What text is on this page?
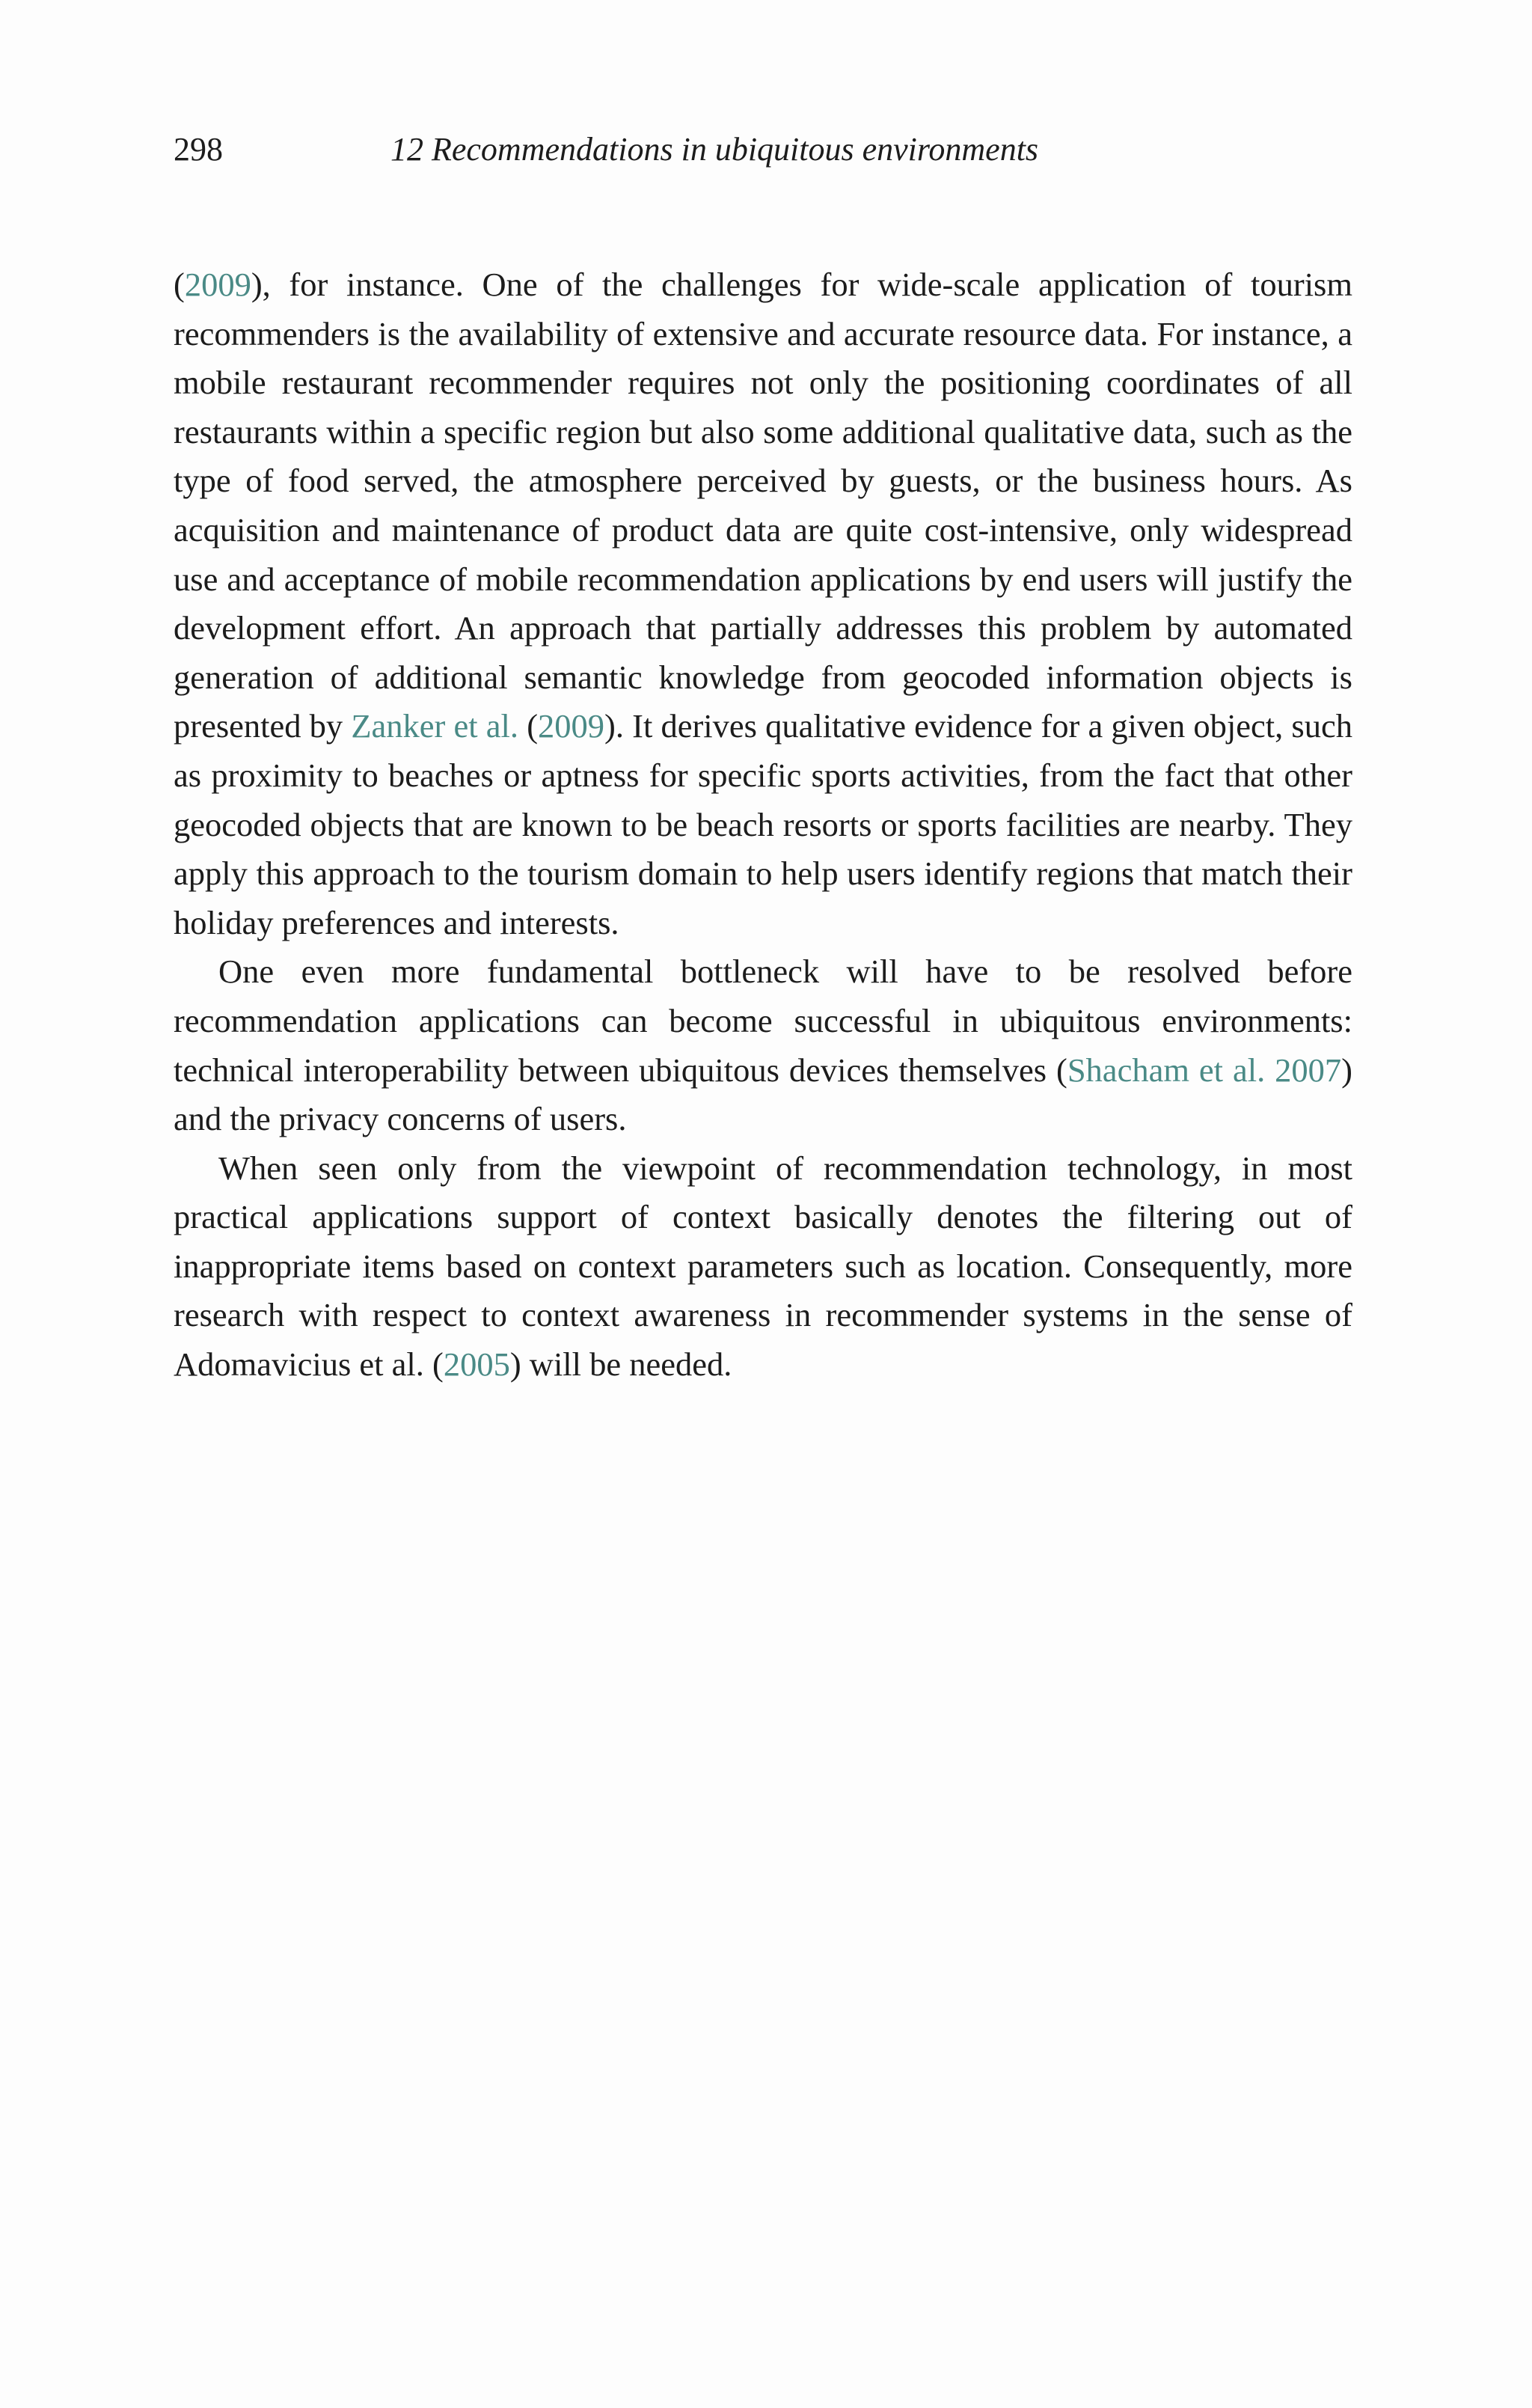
298	12 Recommendations in ubiquitous environments

(2009), for instance. One of the challenges for wide-scale application of tourism recommenders is the availability of extensive and accurate resource data. For instance, a mobile restaurant recommender requires not only the positioning coordinates of all restaurants within a specific region but also some additional qualitative data, such as the type of food served, the atmosphere perceived by guests, or the business hours. As acquisition and maintenance of product data are quite cost-intensive, only widespread use and acceptance of mobile recommendation applications by end users will justify the development effort. An approach that partially addresses this problem by automated generation of additional semantic knowledge from geocoded information objects is presented by Zanker et al. (2009). It derives qualitative evidence for a given object, such as proximity to beaches or aptness for specific sports activities, from the fact that other geocoded objects that are known to be beach resorts or sports facilities are nearby. They apply this approach to the tourism domain to help users identify regions that match their holiday preferences and interests.

One even more fundamental bottleneck will have to be resolved before recommendation applications can become successful in ubiquitous environments: technical interoperability between ubiquitous devices themselves (Shacham et al. 2007) and the privacy concerns of users.

When seen only from the viewpoint of recommendation technology, in most practical applications support of context basically denotes the filtering out of inappropriate items based on context parameters such as location. Consequently, more research with respect to context awareness in recommender systems in the sense of Adomavicius et al. (2005) will be needed.
